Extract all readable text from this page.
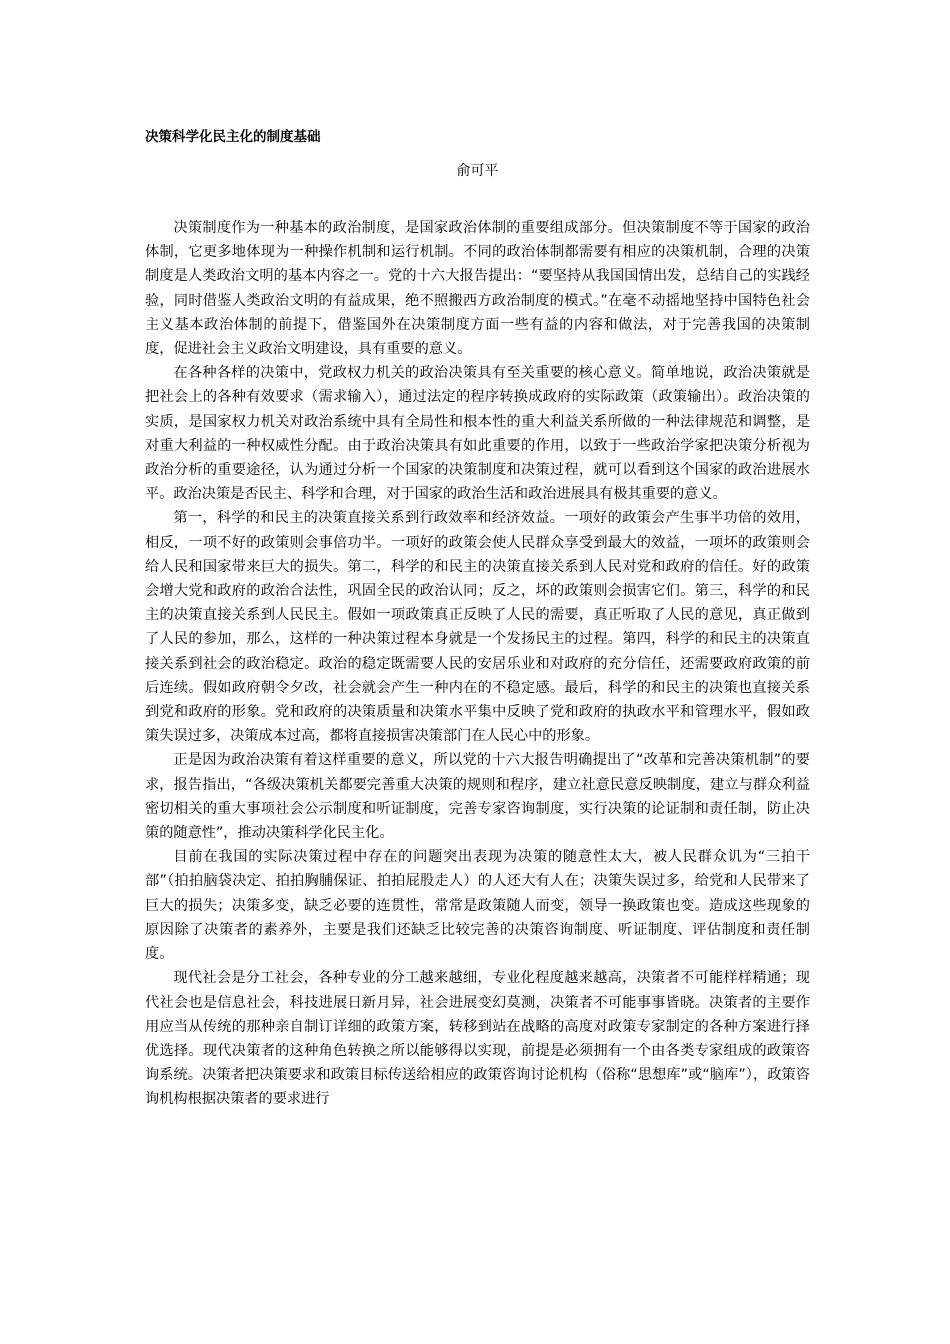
决策科学化民主化的制度基础
俞可平

决策制度作为一种基本的政治制度，是国家政治体制的重要组成部分。但决策制度不等于国家的政治体制，它更多地体现为一种操作机制和运行机制。不同的政治体制都需要有相应的决策机制，合理的决策制度是人类政治文明的基本内容之一。党的十六大报告提出：“要坚持从我国国情出发，总结自己的实践经验，同时借鉴人类政治文明的有益成果，绝不照搬西方政治制度的模式。”在毫不动摇地坚持中国特色社会主义基本政治体制的前提下，借鉴国外在决策制度方面一些有益的内容和做法，对于完善我国的决策制度，促进社会主义政治文明建设，具有重要的意义。

在各种各样的决策中，党政权力机关的政治决策具有至关重要的核心意义。简单地说，政治决策就是把社会上的各种有效要求（需求输入），通过法定的程序转换成政府的实际政策（政策输出）。政治决策的实质，是国家权力机关对政治系统中具有全局性和根本性的重大利益关系所做的一种法律规范和调整，是对重大利益的一种权威性分配。由于政治决策具有如此重要的作用，以致于一些政治学家把决策分析视为政治分析的重要途径，认为通过分析一个国家的决策制度和决策过程，就可以看到这个国家的政治进展水平。政治决策是否民主、科学和合理，对于国家的政治生活和政治进展具有极其重要的意义。

第一，科学的和民主的决策直接关系到行政效率和经济效益。一项好的政策会产生事半功倍的效用，相反，一项不好的政策则会事倍功半。一项好的政策会使人民群众享受到最大的效益，一项坏的政策则会给人民和国家带来巨大的损失。第二，科学的和民主的决策直接关系到人民对党和政府的信任。好的政策会增大党和政府的政治合法性，巩固全民的政治认同；反之，坏的政策则会损害它们。第三，科学的和民主的决策直接关系到人民民主。假如一项政策真正反映了人民的需要，真正听取了人民的意见，真正做到了人民的参加，那么，这样的一种决策过程本身就是一个发扬民主的过程。第四，科学的和民主的决策直接关系到社会的政治稳定。政治的稳定既需要人民的安居乐业和对政府的充分信任，还需要政府政策的前后连续。假如政府朝令夕改，社会就会产生一种内在的不稳定感。最后，科学的和民主的决策也直接关系到党和政府的形象。党和政府的决策质量和决策水平集中反映了党和政府的执政水平和管理水平，假如政策失误过多，决策成本过高，都将直接损害决策部门在人民心中的形象。

正是因为政治决策有着这样重要的意义，所以党的十六大报告明确提出了“改革和完善决策机制”的要求，报告指出，“各级决策机关都要完善重大决策的规则和程序，建立社意民意反映制度，建立与群众利益密切相关的重大事项社会公示制度和听证制度，完善专家咨询制度，实行决策的论证制和责任制，防止决策的随意性”，推动决策科学化民主化。

目前在我国的实际决策过程中存在的问题突出表现为决策的随意性太大，被人民群众讥为“三拍干部”（拍拍脑袋决定、拍拍胸脯保证、拍拍屁股走人）的人还大有人在；决策失误过多，给党和人民带来了巨大的损失；决策多变，缺乏必要的连贯性，常常是政策随人而变，领导一换政策也变。造成这些现象的原因除了决策者的素养外，主要是我们还缺乏比较完善的决策咨询制度、听证制度、评估制度和责任制度。

现代社会是分工社会，各种专业的分工越来越细，专业化程度越来越高，决策者不可能样样精通；现代社会也是信息社会，科技进展日新月异，社会进展变幻莫测，决策者不可能事事皆晓。决策者的主要作用应当从传统的那种亲自制订详细的政策方案，转移到站在战略的高度对政策专家制定的各种方案进行择优选择。现代决策者的这种角色转换之所以能够得以实现，前提是必须拥有一个由各类专家组成的政策咨询系统。决策者把决策要求和政策目标传送给相应的政策咨询讨论机构（俗称“思想库”或“脑库”），政策咨询机构根据决策者的要求进行
